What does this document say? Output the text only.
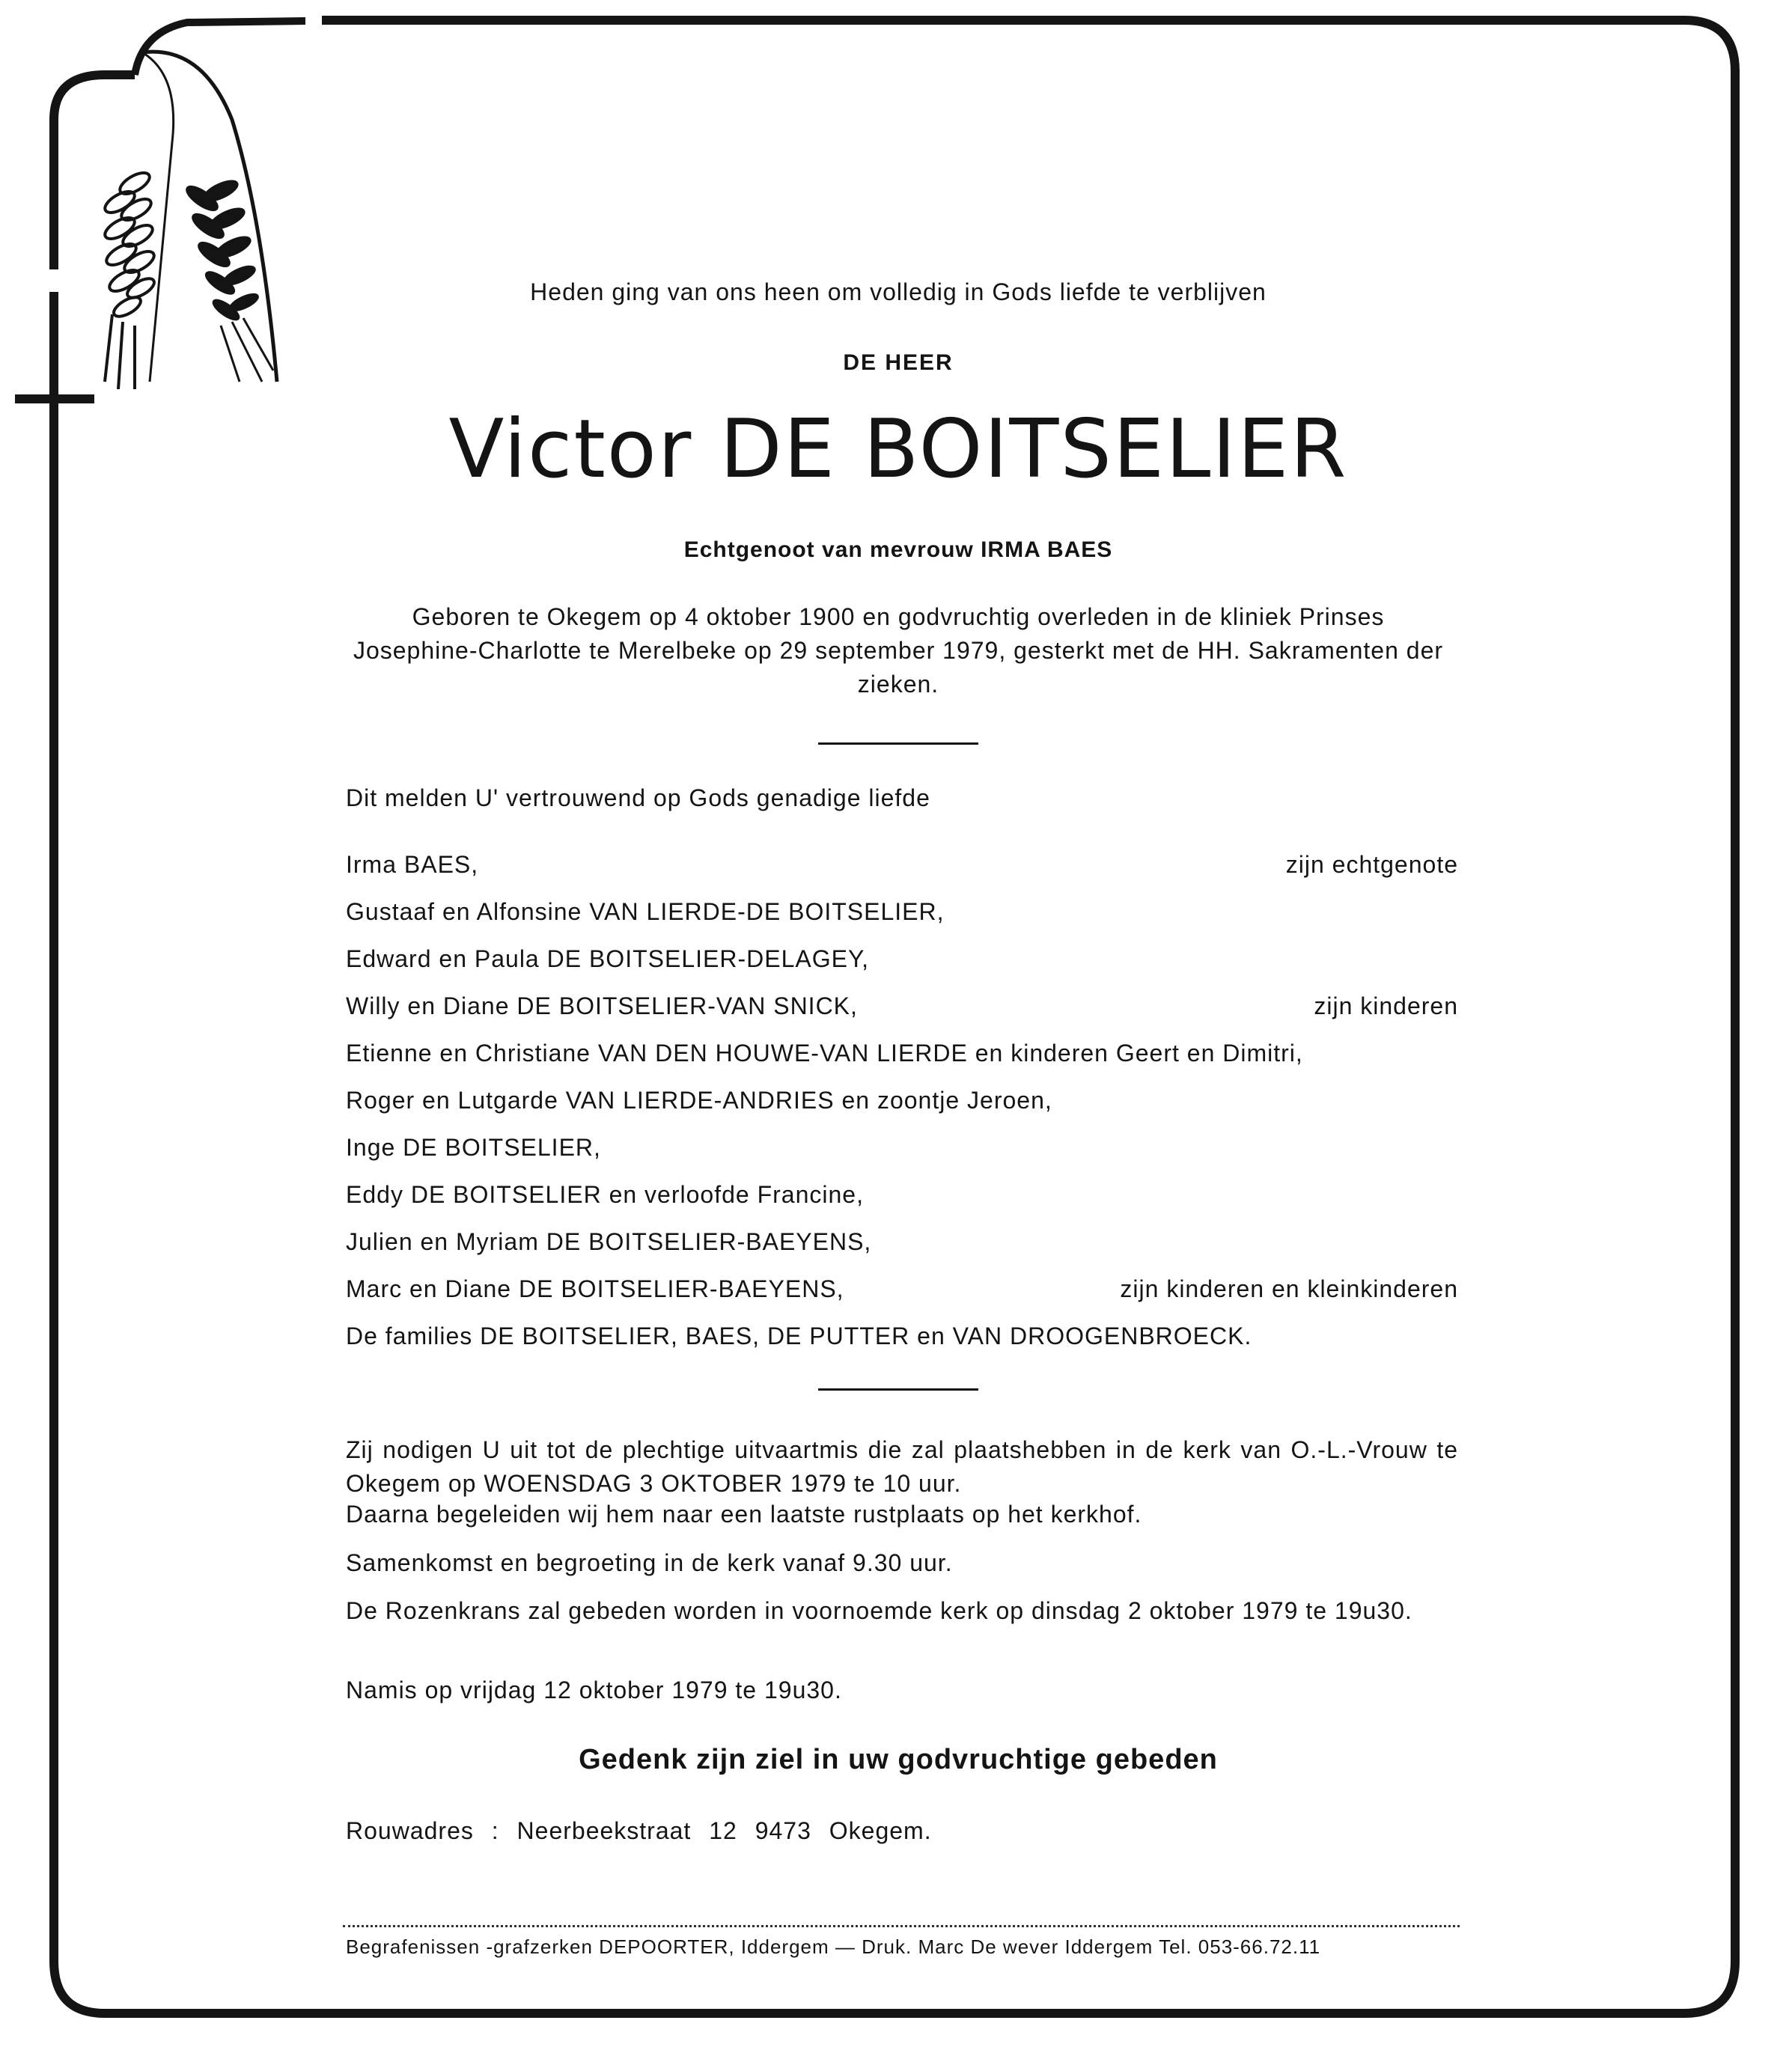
Heden ging van ons heen om volledig in Gods liefde te verblijven
DE HEER
Victor DE BOITSELIER
Echtgenoot van mevrouw IRMA BAES
Geboren te Okegem op 4 oktober 1900 en godvruchtig overleden in de kliniek Prinses Josephine-Charlotte te Merelbeke op 29 september 1979, gesterkt met de HH. Sakramenten der zieken.
Dit melden U' vertrouwend op Gods genadige liefde
Irma BAES,	zijn echtgenote
Gustaaf en Alfonsine VAN LIERDE-DE BOITSELIER,
Edward en Paula DE BOITSELIER-DELAGEY,
Willy en Diane DE BOITSELIER-VAN SNICK,	zijn kinderen
Etienne en Christiane VAN DEN HOUWE-VAN LIERDE en kinderen Geert en Dimitri,
Roger en Lutgarde VAN LIERDE-ANDRIES en zoontje Jeroen,
Inge DE BOITSELIER,
Eddy DE BOITSELIER en verloofde Francine,
Julien en Myriam DE BOITSELIER-BAEYENS,
Marc en Diane DE BOITSELIER-BAEYENS,	zijn kinderen en kleinkinderen
De families DE BOITSELIER, BAES, DE PUTTER en VAN DROOGENBROECK.
Zij nodigen U uit tot de plechtige uitvaartmis die zal plaatshebben in de kerk van O.-L.-Vrouw te Okegem op WOENSDAG 3 OKTOBER 1979 te 10 uur.
Daarna begeleiden wij hem naar een laatste rustplaats op het kerkhof.
Samenkomst en begroeting in de kerk vanaf 9.30 uur.
De Rozenkrans zal gebeden worden in voornoemde kerk op dinsdag 2 oktober 1979 te 19u30.
Namis op vrijdag 12 oktober 1979 te 19u30.
Gedenk zijn ziel in uw godvruchtige gebeden
Rouwadres : Neerbeekstraat 12 9473 Okegem.
Begrafenissen -grafzerken DEPOORTER, Iddergem — Druk. Marc De wever Iddergem Tel. 053-66.72.11
